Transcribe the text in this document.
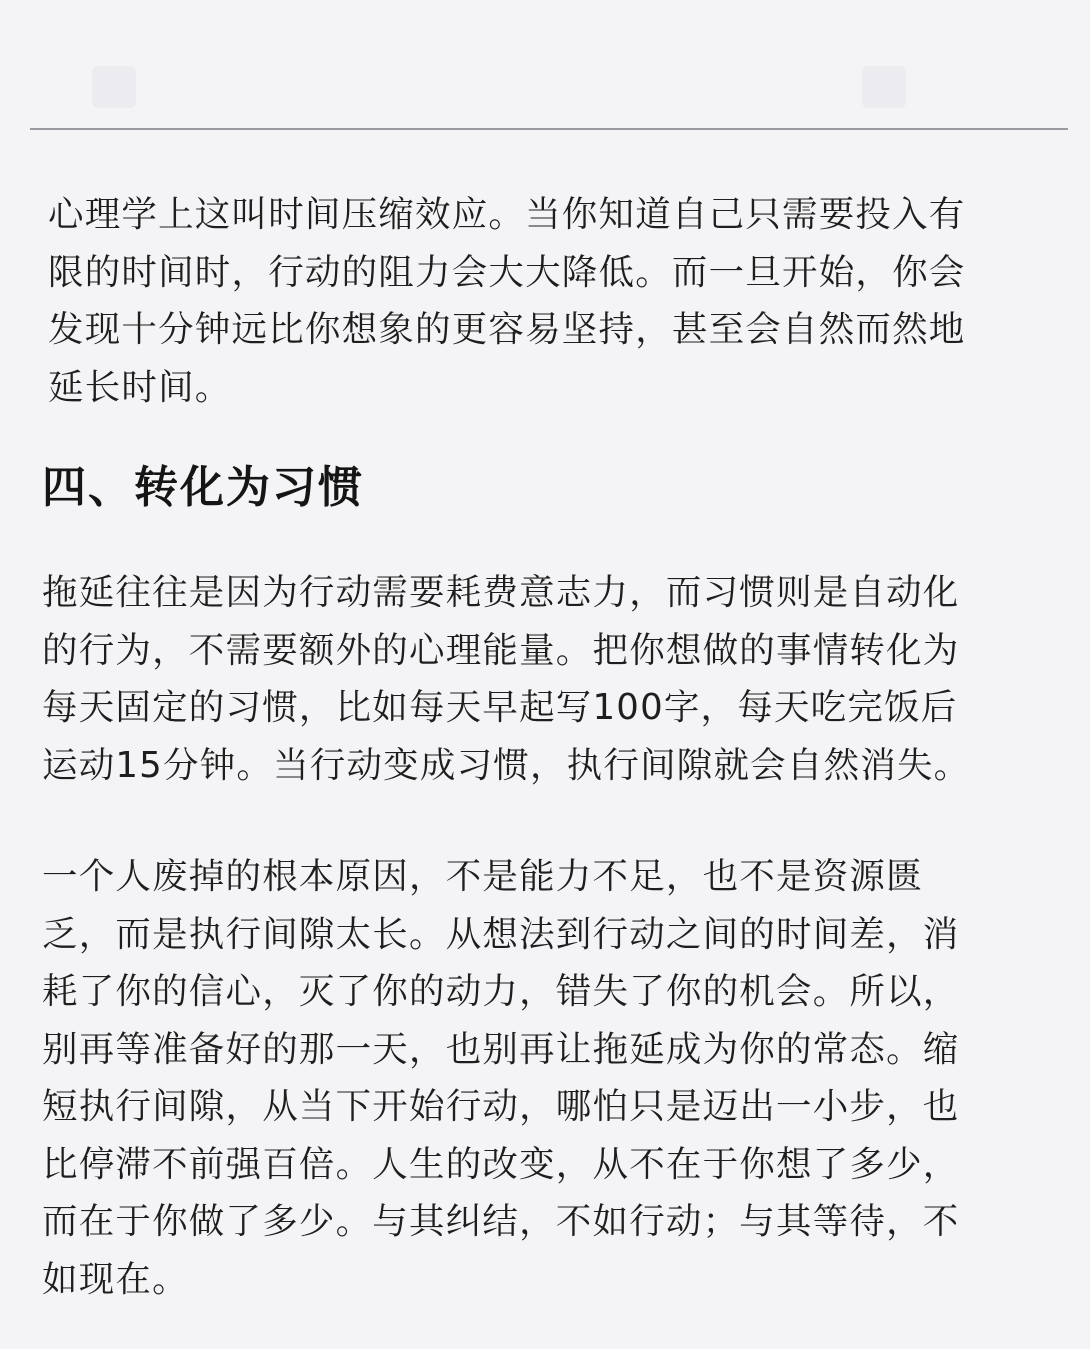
心理学上这叫时间压缩效应。当你知道自己只需要投入有
限的时间时，行动的阻力会大大降低。而一旦开始，你会
发现十分钟远比你想象的更容易坚持，甚至会自然而然地
延长时间。
四、转化为习惯
拖延往往是因为行动需要耗费意志力，而习惯则是自动化
的行为，不需要额外的心理能量。把你想做的事情转化为
每天固定的习惯，比如每天早起写100字，每天吃完饭后
运动15分钟。当行动变成习惯，执行间隙就会自然消失。
一个人废掉的根本原因，不是能力不足，也不是资源匮
乏，而是执行间隙太长。从想法到行动之间的时间差，消
耗了你的信心，灭了你的动力，错失了你的机会。所以，
别再等准备好的那一天，也别再让拖延成为你的常态。缩
短执行间隙，从当下开始行动，哪怕只是迈出一小步，也
比停滞不前强百倍。人生的改变，从不在于你想了多少，
而在于你做了多少。与其纠结，不如行动；与其等待，不
如现在。
